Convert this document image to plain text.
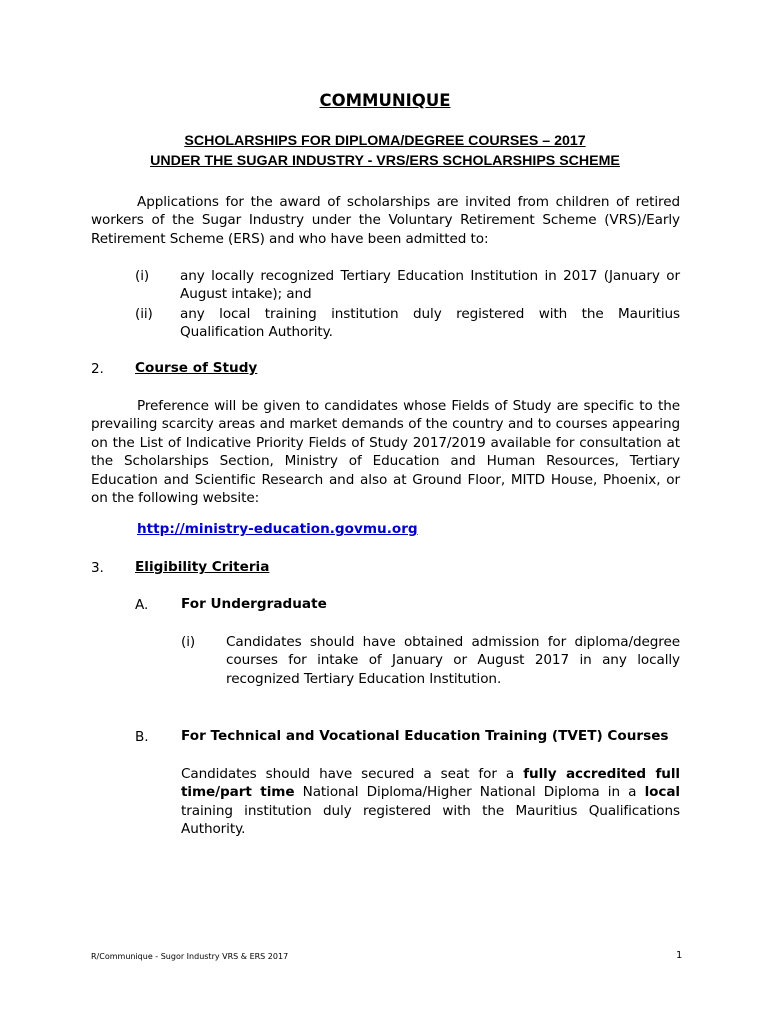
COMMUNIQUE
SCHOLARSHIPS FOR DIPLOMA/DEGREE COURSES – 2017
UNDER THE SUGAR INDUSTRY - VRS/ERS SCHOLARSHIPS SCHEME

Applications for the award of scholarships are invited from children of retired workers of the Sugar Industry under the Voluntary Retirement Scheme (VRS)/Early Retirement Scheme (ERS) and who have been admitted to:

(i)	any locally recognized Tertiary Education Institution in 2017 (January or August intake); and

(ii)	any local training institution duly registered with the Mauritius Qualification Authority.

2. Course of Study

Preference will be given to candidates whose Fields of Study are specific to the prevailing scarcity areas and market demands of the country and to courses appearing on the List of Indicative Priority Fields of Study 2017/2019 available for consultation at the Scholarships Section, Ministry of Education and Human Resources, Tertiary Education and Scientific Research and also at Ground Floor, MITD House, Phoenix, or on the following website:

http://ministry-education.govmu.org
3. Eligibility Criteria
A. For Undergraduate
(i) Candidates should have obtained admission for diploma/degree courses for intake of January or August 2017 in any locally recognized Tertiary Education Institution.

B. For Technical and Vocational Education Training (TVET) Courses

Candidates should have secured a seat for a fully accredited full time/part time National Diploma/Higher National Diploma in a local training institution duly registered with the Mauritius Qualifications Authority.

R/Communique - Sugor Industry VRS & ERS 2017	1
